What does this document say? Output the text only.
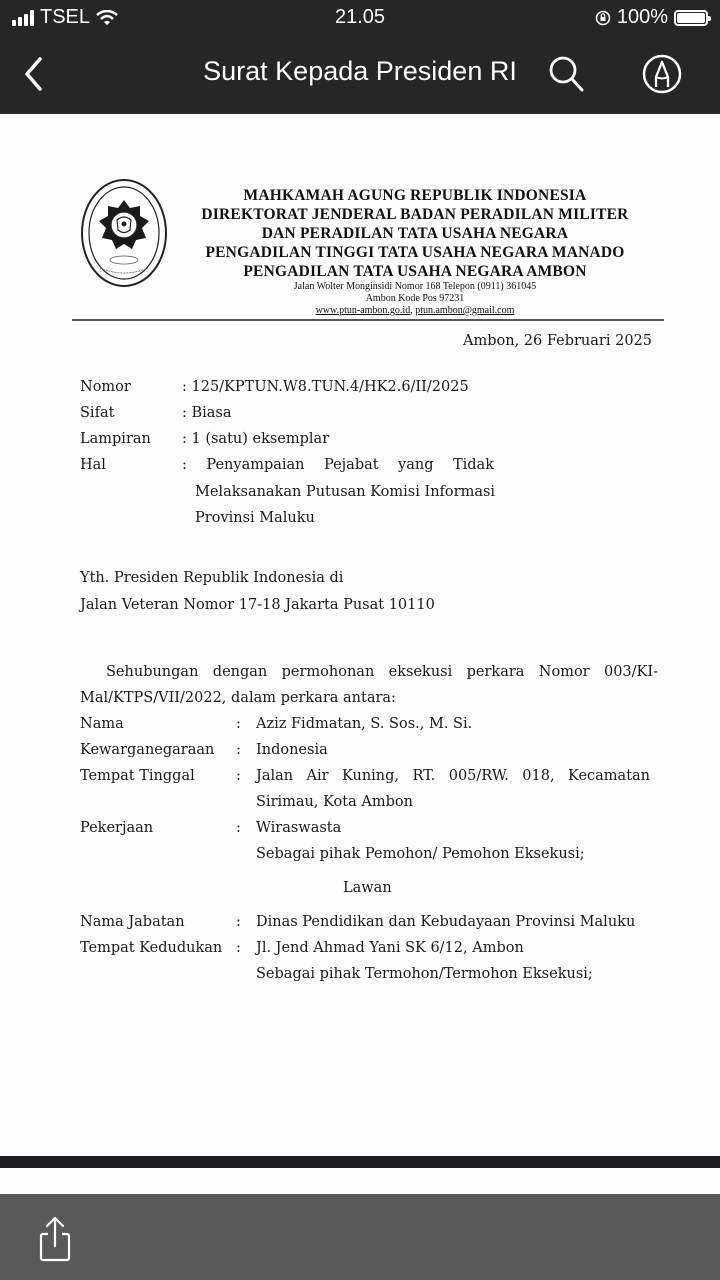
TSEL	21.05	100%
Surat Kepada Presiden RI
MAHKAMAH AGUNG REPUBLIK INDONESIA
DIREKTORAT JENDERAL BADAN PERADILAN MILITER
DAN PERADILAN TATA USAHA NEGARA
PENGADILAN TINGGI TATA USAHA NEGARA MANADO
PENGADILAN TATA USAHA NEGARA AMBON
Jalan Wolter Monginsidi Nomor 168 Telepon (0911) 361045
Ambon Kode Pos 97231
www.ptun-ambon.go.id, ptun.ambon@gmail.com
Ambon, 26 Februari 2025
Nomor	: 125/KPTUN.W8.TUN.4/HK2.6/II/2025
Sifat	: Biasa
Lampiran : 1 (satu) eksemplar
Hal	: Penyampaian Pejabat yang Tidak
Melaksanakan Putusan Komisi Informasi
Provinsi Maluku
Yth. Presiden Republik Indonesia di
Jalan Veteran Nomor 17-18 Jakarta Pusat 10110
Sehubungan dengan permohonan eksekusi perkara Nomor 003/KI-
Mal/KTPS/VII/2022, dalam perkara antara:
Nama	: Aziz Fidmatan, S. Sos., M. Si.
Kewarganegaraan : Indonesia
Tempat Tinggal	: Jalan Air Kuning, RT. 005/RW. 018, Kecamatan
Sirimau, Kota Ambon
Pekerjaan	: Wiraswasta
Sebagai pihak Pemohon/ Pemohon Eksekusi;
Lawan
Nama Jabatan	: Dinas Pendidikan dan Kebudayaan Provinsi Maluku
Tempat Kedudukan : Jl. Jend Ahmad Yani SK 6/12, Ambon
Sebagai pihak Termohon/Termohon Eksekusi;
